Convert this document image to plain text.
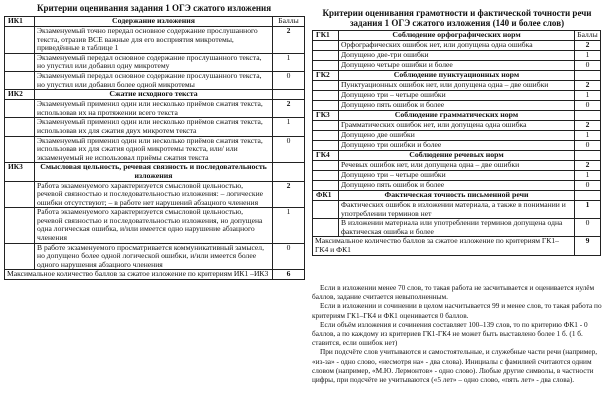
Критерии оценивания задания 1 ОГЭ сжатого изложения
ИК1	Содержание изложения	Баллы
	Экзаменуемый точно передал основное содержание прослушанного текста, отразив ВСЕ важные для его восприятия микротемы, приведённые в таблице 1	2
	Экзаменуемый передал основное содержание прослушанного текста, но упустил или добавил одну микротему	1
	Экзаменуемый передал основное содержание прослушанного текста, но упустил или добавил более одной микротемы	0
ИК2	Сжатие исходного текста	
	Экзаменуемый применил один или несколько приёмов сжатия текста, использовав их на протяжении всего текста	2
	Экзаменуемый применил один или несколько приёмов сжатия текста, использовав их для сжатия двух микротем текста	1
	Экзаменуемый применил один или несколько приёмов сжатия текста, использовав их для сжатия одной микротемы текста, или/ или экзаменуемый не использовал приёмы сжатия текста	0
ИК3	Смысловая цельность, речевая связность и последовательность изложения	
	Работа экзаменуемого характеризуется смысловой цельностью, речевой связностью и последовательностью изложения: – логические ошибки отсутствуют; – в работе нет нарушений абзацного членения	2
	Работа экзаменуемого характеризуется смысловой цельностью, речевой связностью и последовательностью изложения, но допущена одна логическая ошибка, и/или имеется одно нарушение абзацного членения	1
	В работе экзаменуемого просматривается коммуникативный замысел, но допущено более одной логической ошибки, и/или имеется более одного нарушения абзацного членения	0
Максимальное количество баллов за сжатое изложение по критериям ИК1 –ИК3		6
Критерии оценивания грамотности и фактической точности речи
задания 1 ОГЭ сжатого изложения (140 и более слов)
ГК1	Соблюдение орфографических норм	Баллы
	Орфографических ошибок нет, или допущена одна ошибка	2
	Допущено две-три ошибки	1
	Допущено четыре ошибки и более	0
ГК2	Соблюдение пунктуационных норм	
	Пунктуационных ошибок нет, или допущена одна – две ошибки	2
	Допущено три – четыре ошибки	1
	Допущено пять ошибок и более	0
ГК3	Соблюдение грамматических норм	
	Грамматических ошибок нет, или допущена одна ошибка	2
	Допущено две ошибки	1
	Допущено три ошибки и более	0
ГК4	Соблюдение речевых норм	
	Речевых ошибок нет, или допущена одна – две ошибки	2
	Допущено три – четыре ошибки	1
	Допущено пять ошибок и более	0
ФК1	Фактическая точность письменной речи	
	Фактических ошибок в изложении материала, а также в понимании и употреблении терминов нет	1
	В изложении материала или употреблении терминов допущена одна фактическая ошибка и более	0
Максимальное количество баллов за сжатое изложение по критериям ГК1–ГК4 и ФК1		9

Если в изложении менее 70 слов, то такая работа не засчитывается и оценивается нулём баллов, задание считается невыполненным.

Если в изложении и сочинении в целом насчитывается 99 и менее слов, то такая работа по критериям ГК1–ГК4 и ФК1 оценивается 0 баллов.

Если объём изложения и сочинения составляет 100–139 слов, то по критерию ФК1 - 0 баллов, а по каждому из критериев ГК1-ГК4 не может быть выставлено более 1 б. (1 б. ставится, если ошибок нет)

При подсчёте слов учитываются и самостоятельные, и служебные части речи (например, «из-за» - одно слово, «несмотря на» - два слова). Инициалы с фамилией считаются одним словом (например, «М.Ю. Лермонтов» - одно слово). Любые другие символы, в частности цифры, при подсчёте не учитываются («5 лет» – одно слово, «пять лет» - два слова).
